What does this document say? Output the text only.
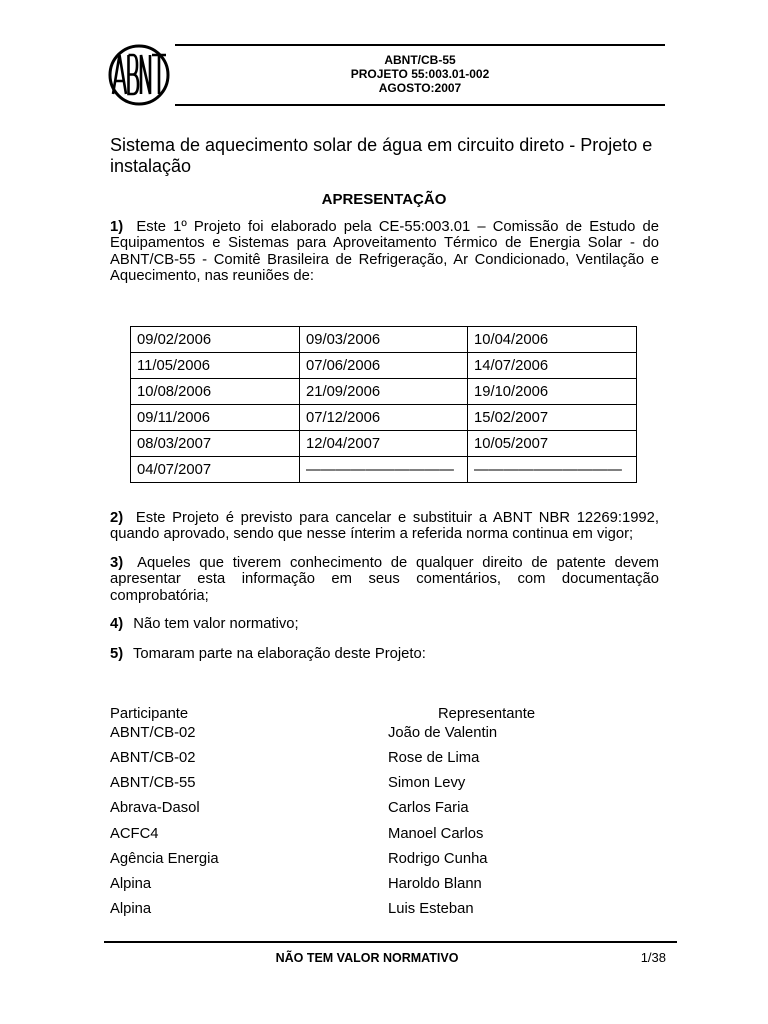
ABNT/CB-55
PROJETO 55:003.01-002
AGOSTO:2007
Sistema de aquecimento solar de água em circuito direto - Projeto e instalação
APRESENTAÇÃO

1) Este 1º Projeto foi elaborado pela CE-55:003.01 – Comissão de Estudo de Equipamentos e Sistemas para Aproveitamento Térmico de Energia Solar - do ABNT/CB-55 - Comitê Brasileira de Refrigeração, Ar Condicionado, Ventilação e Aquecimento, nas reuniões de:

09/02/2006	09/03/2006	10/04/2006
11/05/2006	07/06/2006	14/07/2006
10/08/2006	21/09/2006	19/10/2006
09/11/2006	07/12/2006	15/02/2007
08/03/2007	12/04/2007	10/05/2007
04/07/2007	——————————	——————————

2) Este Projeto é previsto para cancelar e substituir a ABNT NBR 12269:1992, quando aprovado, sendo que nesse ínterim a referida norma continua em vigor;

3) Aqueles que tiverem conhecimento de qualquer direito de patente devem apresentar esta informação em seus comentários, com documentação comprobatória;

4) Não tem valor normativo;

5) Tomaram parte na elaboração deste Projeto:

Participante	Representante
ABNT/CB-02	João de Valentin
ABNT/CB-02	Rose de Lima
ABNT/CB-55	Simon Levy
Abrava-Dasol	Carlos Faria
ACFC4	Manoel Carlos
Agência Energia	Rodrigo Cunha
Alpina	Haroldo Blann
Alpina	Luis Esteban
NÃO TEM VALOR NORMATIVO	1/38
